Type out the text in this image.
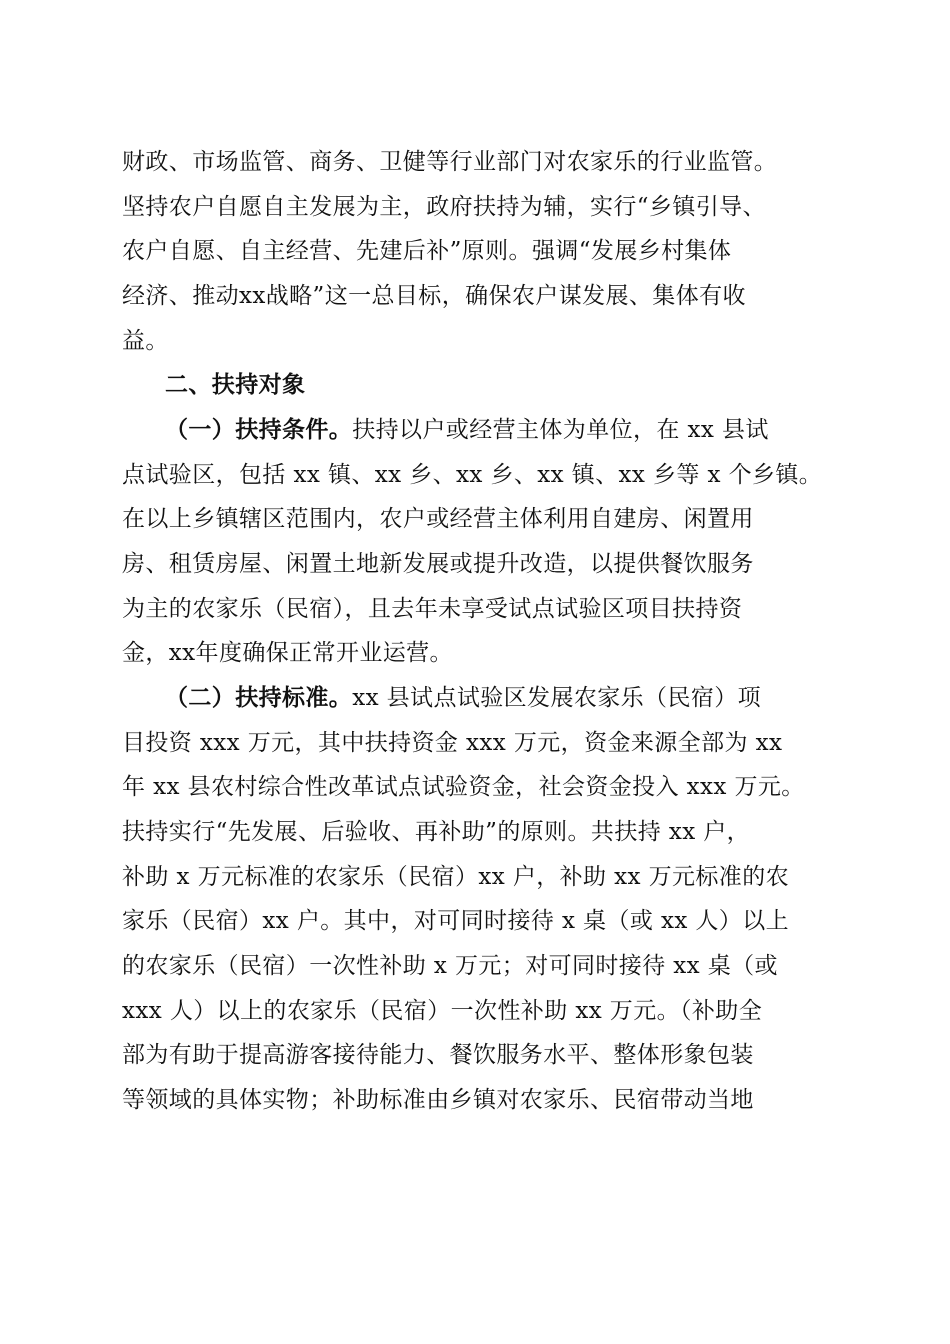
财政、市场监管、商务、卫健等行业部门对农家乐的行业监管。

坚持农户自愿自主发展为主，政府扶持为辅，实行“乡镇引导、

农户自愿、自主经营、先建后补”原则。强调“发展乡村集体

经济、推动xx战略”这一总目标，确保农户谋发展、集体有收

益。

二、扶持对象

（一）扶持条件。扶持以户或经营主体为单位，在 xx 县试

点试验区，包括 xx 镇、xx 乡、xx 乡、xx 镇、xx 乡等 x 个乡镇。

在以上乡镇辖区范围内，农户或经营主体利用自建房、闲置用

房、租赁房屋、闲置土地新发展或提升改造，以提供餐饮服务

为主的农家乐（民宿），且去年未享受试点试验区项目扶持资

金，xx年度确保正常开业运营。

（二）扶持标准。xx 县试点试验区发展农家乐（民宿）项

目投资 xxx 万元，其中扶持资金 xxx 万元，资金来源全部为 xx

年 xx 县农村综合性改革试点试验资金，社会资金投入 xxx 万元。

扶持实行“先发展、后验收、再补助”的原则。共扶持 xx 户，

补助 x 万元标准的农家乐（民宿）xx 户，补助 xx 万元标准的农

家乐（民宿）xx 户。其中，对可同时接待 x 桌（或 xx 人）以上

的农家乐（民宿）一次性补助 x 万元；对可同时接待 xx 桌（或

xxx 人）以上的农家乐（民宿）一次性补助 xx 万元。（补助全

部为有助于提高游客接待能力、餐饮服务水平、整体形象包装

等领域的具体实物；补助标准由乡镇对农家乐、民宿带动当地
